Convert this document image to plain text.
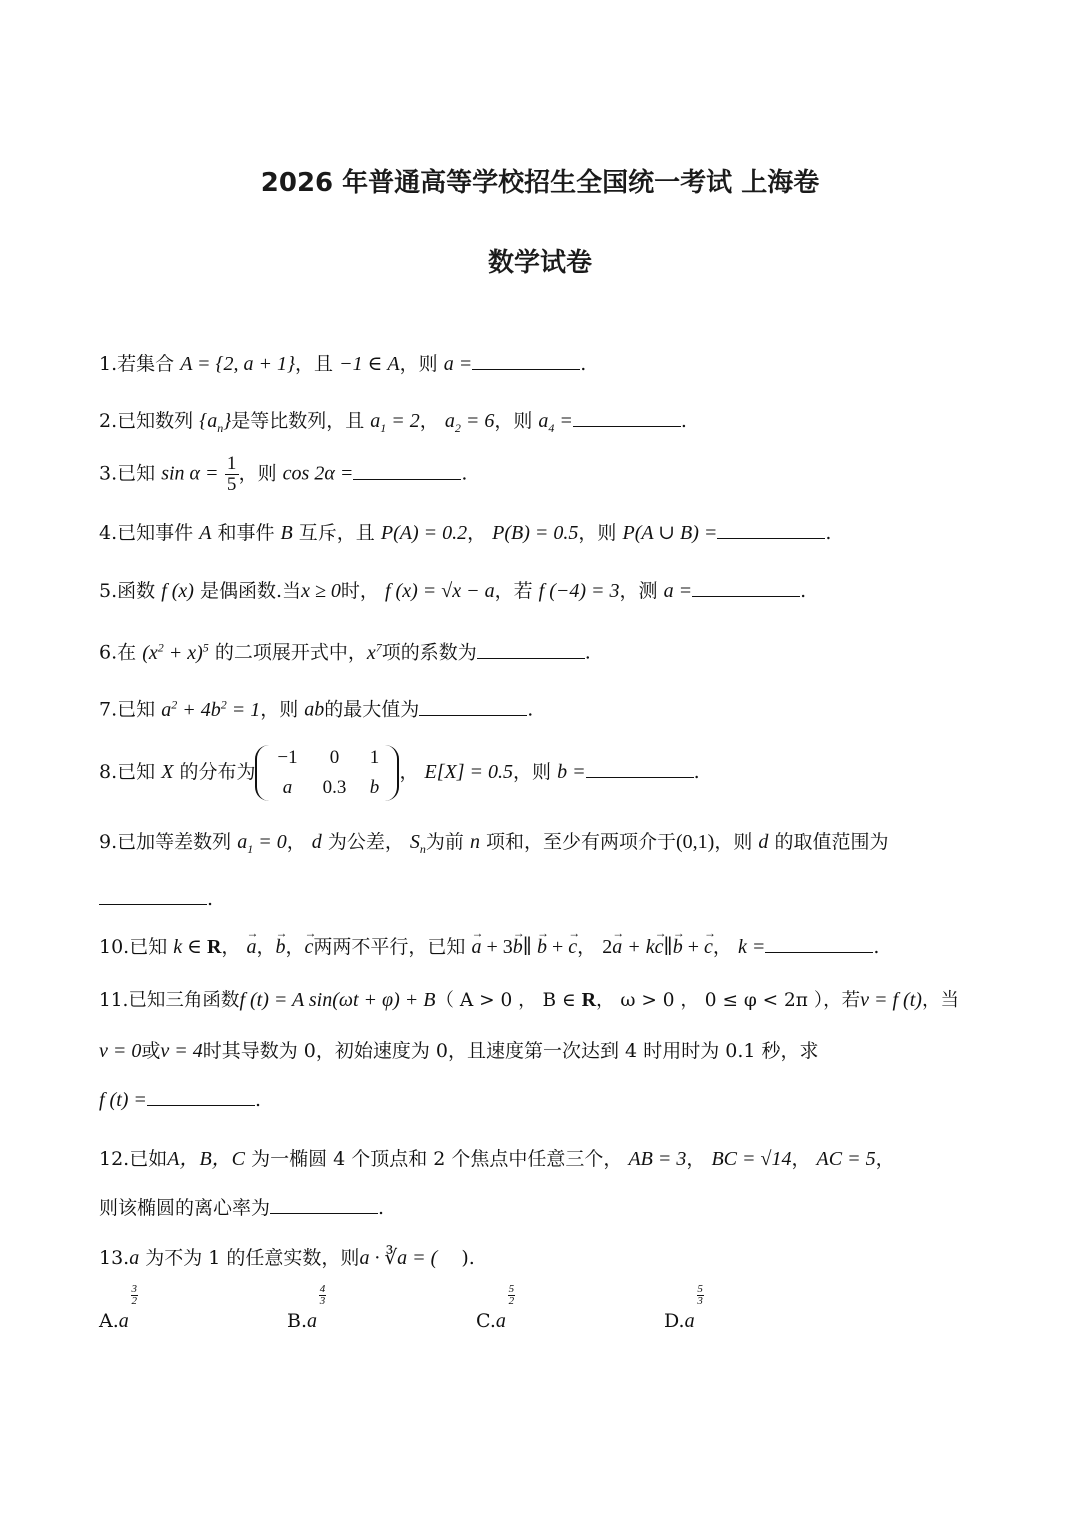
2026 年普通高等学校招生全国统一考试 上海卷
数学试卷
1.若集合 A = {2, a + 1}，且 −1 ∈ A，则 a =	.
2.已知数列 $\{a_n\}$是等比数列，且 $a_1 = 2$， $a_2 = 6$，则 $a_4$ =	.
3.已知 $\sin \alpha = \frac{1}{5}$ ，则 cos 2α =	.
4.已知事件 A 和事件 B 互斥，且 P(A) = 0.2， P(B) = 0.5，则 P(A ∪ B) =	.
5.函数 f (x) 是偶函数.当x ≥ 0时， f (x) = √x − a，若 f (−4) = 3，测 a =	.
6.在 $(x^2 + x)^5$ 的二项展开式中，$x^7$项的系数为	.
7.已知 $a^2 + 4b^2 = 1$，则 ab的最大值为	.
8.已知 X 的分布为
−1	0	1
a	0.3	b
， E[X] = 0.5，则 b =	.
9.已加等差数列 $a_1 = 0$， d 为公差， $S_n$为前 n 项和，至少有两项介于(0,1)，则 d 的取值范围为
.
10.已知 k ∈ R， → a，→ b，→ c两两不平行，已知 → a + 3→ b∥ → b + → c， 2→ a + k→ c∥→ b + → c， k =	.
11.已知三角函数f (t) = A sin(ωt + φ) + B（ A > 0 ， B ∈ R， ω > 0 ， 0 ≤ φ < 2π ），若v = f (t)，当
v = 0或v = 4时其导数为 0，初始速度为 0，且速度第一次达到 4 时用时为 0.1 秒，求
f (t) =	.
12.已如A，B，C 为一椭圆 4 个顶点和 2 个焦点中任意三个， AB = 3， BC = √14， AC = 5，
则该椭圆的离心率为	.
13.a 为不为 1 的任意实数，则a · ∛a = ( ).
A.a
3
2
B.a
4
3
C.a
5
2
D.a
5
3
